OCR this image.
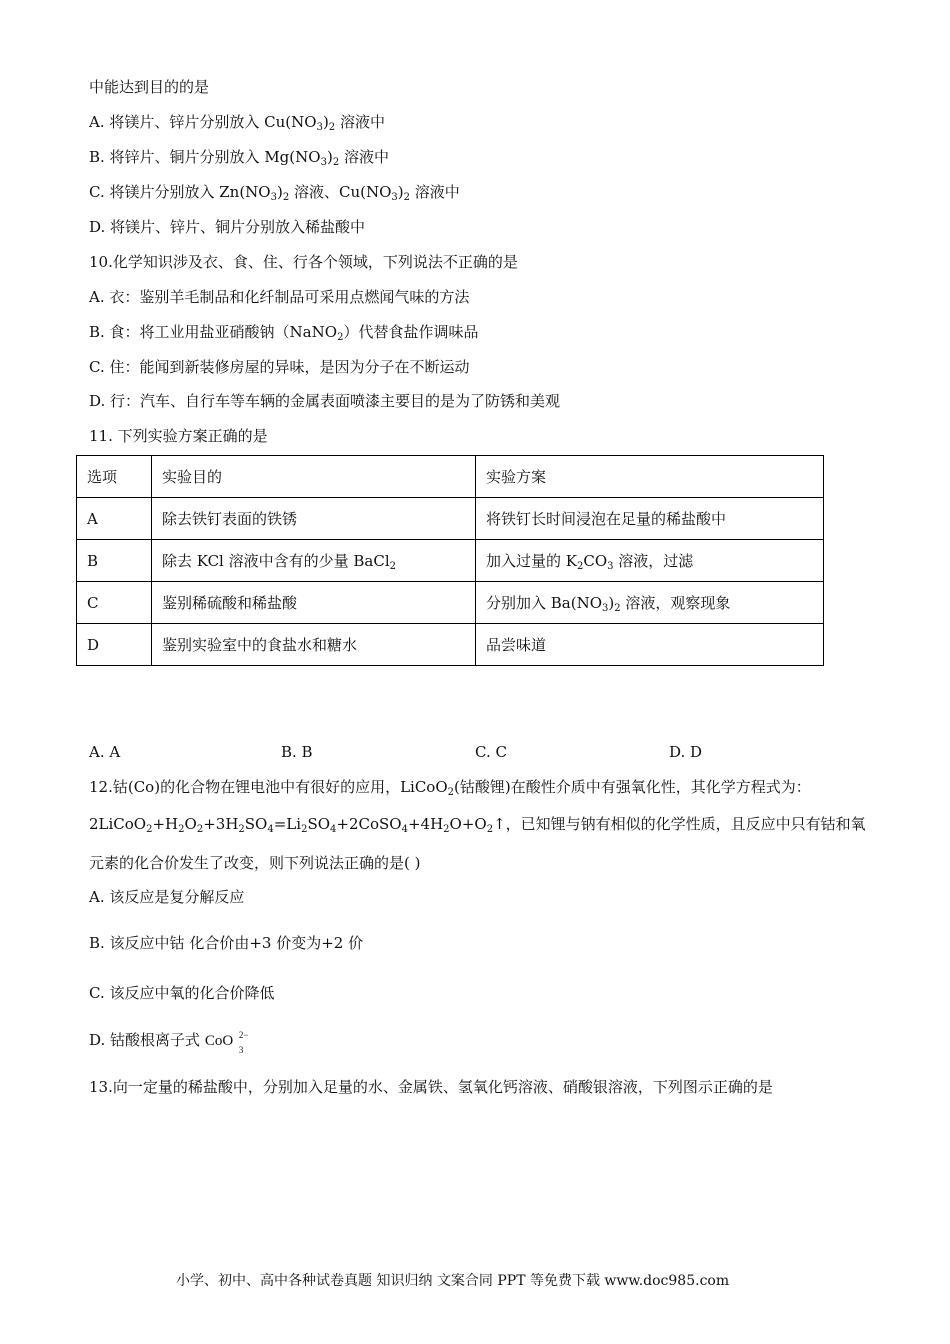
中能达到目的的是
A. 将镁片、锌片分别放入 $Cu(NO_3)_2$ 溶液中
B. 将锌片、铜片分别放入 $Mg(NO_3)_2$ 溶液中
C. 将镁片分别放入 $Zn(NO_3)_2$ 溶液、$Cu(NO_3)_2$ 溶液中
D. 将镁片、锌片、铜片分别放入稀盐酸中
10.化学知识涉及衣、食、住、行各个领域，下列说法不正确的是
A. 衣：鉴别羊毛制品和化纤制品可采用点燃闻气味的方法
B. 食：将工业用盐亚硝酸钠（NaNO$_2$）代替食盐作调味品
C. 住：能闻到新装修房屋的异味，是因为分子在不断运动
D. 行：汽车、自行车等车辆的金属表面喷漆主要目的是为了防锈和美观
11. 下列实验方案正确的是
选项	实验目的	实验方案
A	除去铁钉表面的铁锈	将铁钉长时间浸泡在足量的稀盐酸中
B	除去 KCl 溶液中含有的少量 BaCl$_2$	加入过量的 $K_2CO_3$ 溶液，过滤
C	鉴别稀硫酸和稀盐酸	分别加入 $Ba(NO_3)_2$ 溶液，观察现象
D	鉴别实验室中的食盐水和糖水	品尝味道
A. A	B. B	C. C	D. D
12.钴(Co)的化合物在锂电池中有很好的应用，LiCoO$_2$(钴酸锂)在酸性介质中有强氧化性，其化学方程式为：
$2LiCoO_2+H_2O_2+3H_2SO_4=Li_2SO_4+2CoSO_4+4H_2O+O_2↑$，已知锂与钠有相似的化学性质，且反应中只有钴和氧
元素的化合价发生了改变，则下列说法正确的是( )
A. 该反应是复分解反应
B. 该反应中钴 化合价由+3 价变为+2 价
C. 该反应中氧的化合价降低
D. 钴酸根离子式 CoO 2−
3
13.向一定量的稀盐酸中，分别加入足量的水、金属铁、氢氧化钙溶液、硝酸银溶液，下列图示正确的是
小学、初中、高中各种试卷真题 知识归纳 文案合同 PPT 等免费下载 www.doc985.com
